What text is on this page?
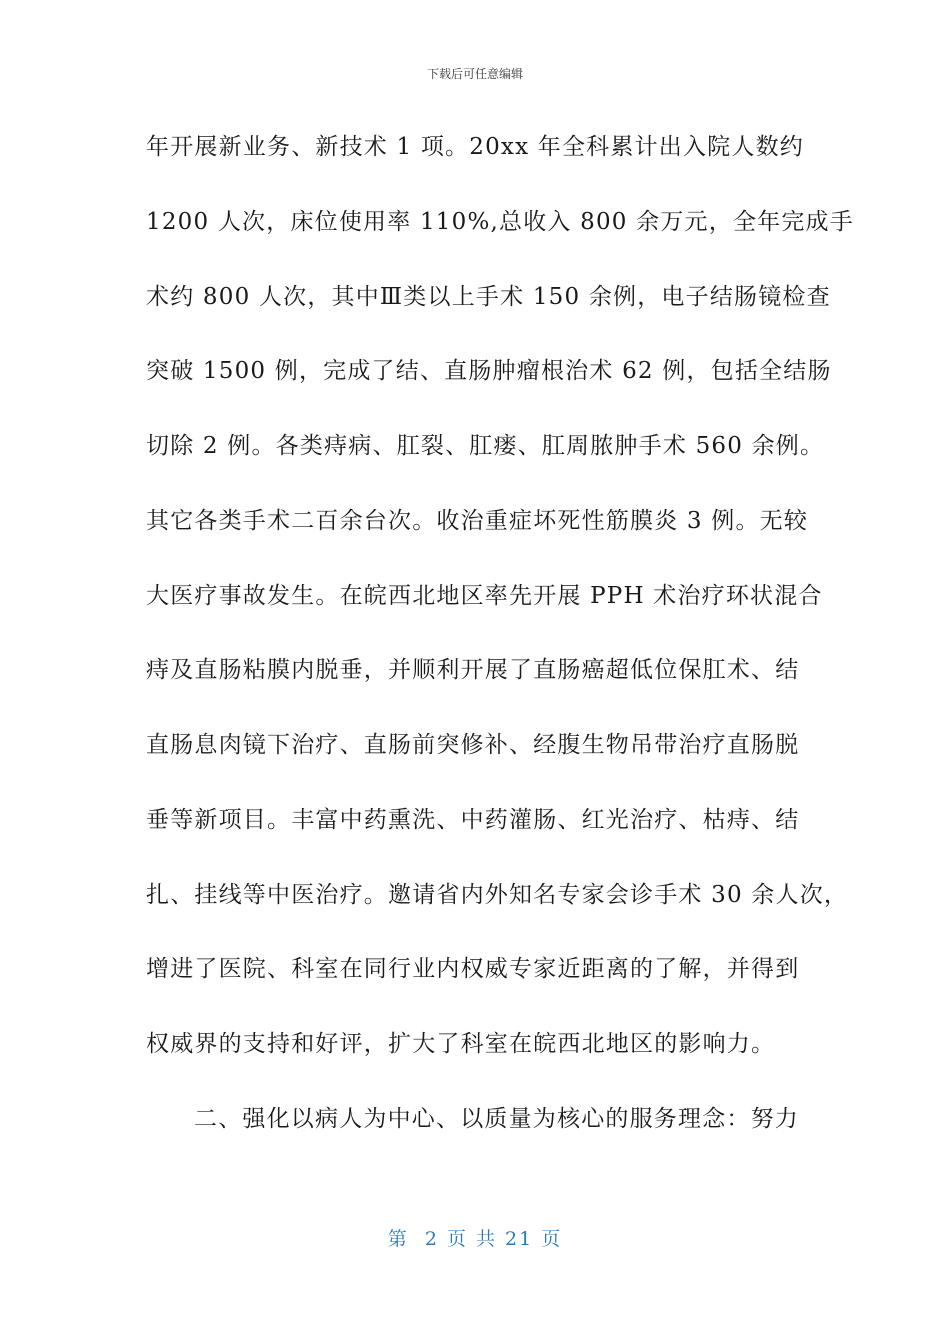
下载后可任意编辑
年开展新业务、新技术 1 项。20xx 年全科累计出入院人数约
1200 人次，床位使用率 110%,总收入 800 余万元，全年完成手
术约 800 人次，其中Ⅲ类以上手术 150 余例，电子结肠镜检查
突破 1500 例，完成了结、直肠肿瘤根治术 62 例，包括全结肠
切除 2 例。各类痔病、肛裂、肛瘘、肛周脓肿手术 560 余例。
其它各类手术二百余台次。收治重症坏死性筋膜炎 3 例。无较
大医疗事故发生。在皖西北地区率先开展 PPH 术治疗环状混合
痔及直肠粘膜内脱垂，并顺利开展了直肠癌超低位保肛术、结
直肠息肉镜下治疗、直肠前突修补、经腹生物吊带治疗直肠脱
垂等新项目。丰富中药熏洗、中药灌肠、红光治疗、枯痔、结
扎、挂线等中医治疗。邀请省内外知名专家会诊手术 30 余人次，
增进了医院、科室在同行业内权威专家近距离的了解，并得到
权威界的支持和好评，扩大了科室在皖西北地区的影响力。
二、强化以病人为中心、以质量为核心的服务理念：努力
第  2 页 共 21 页
